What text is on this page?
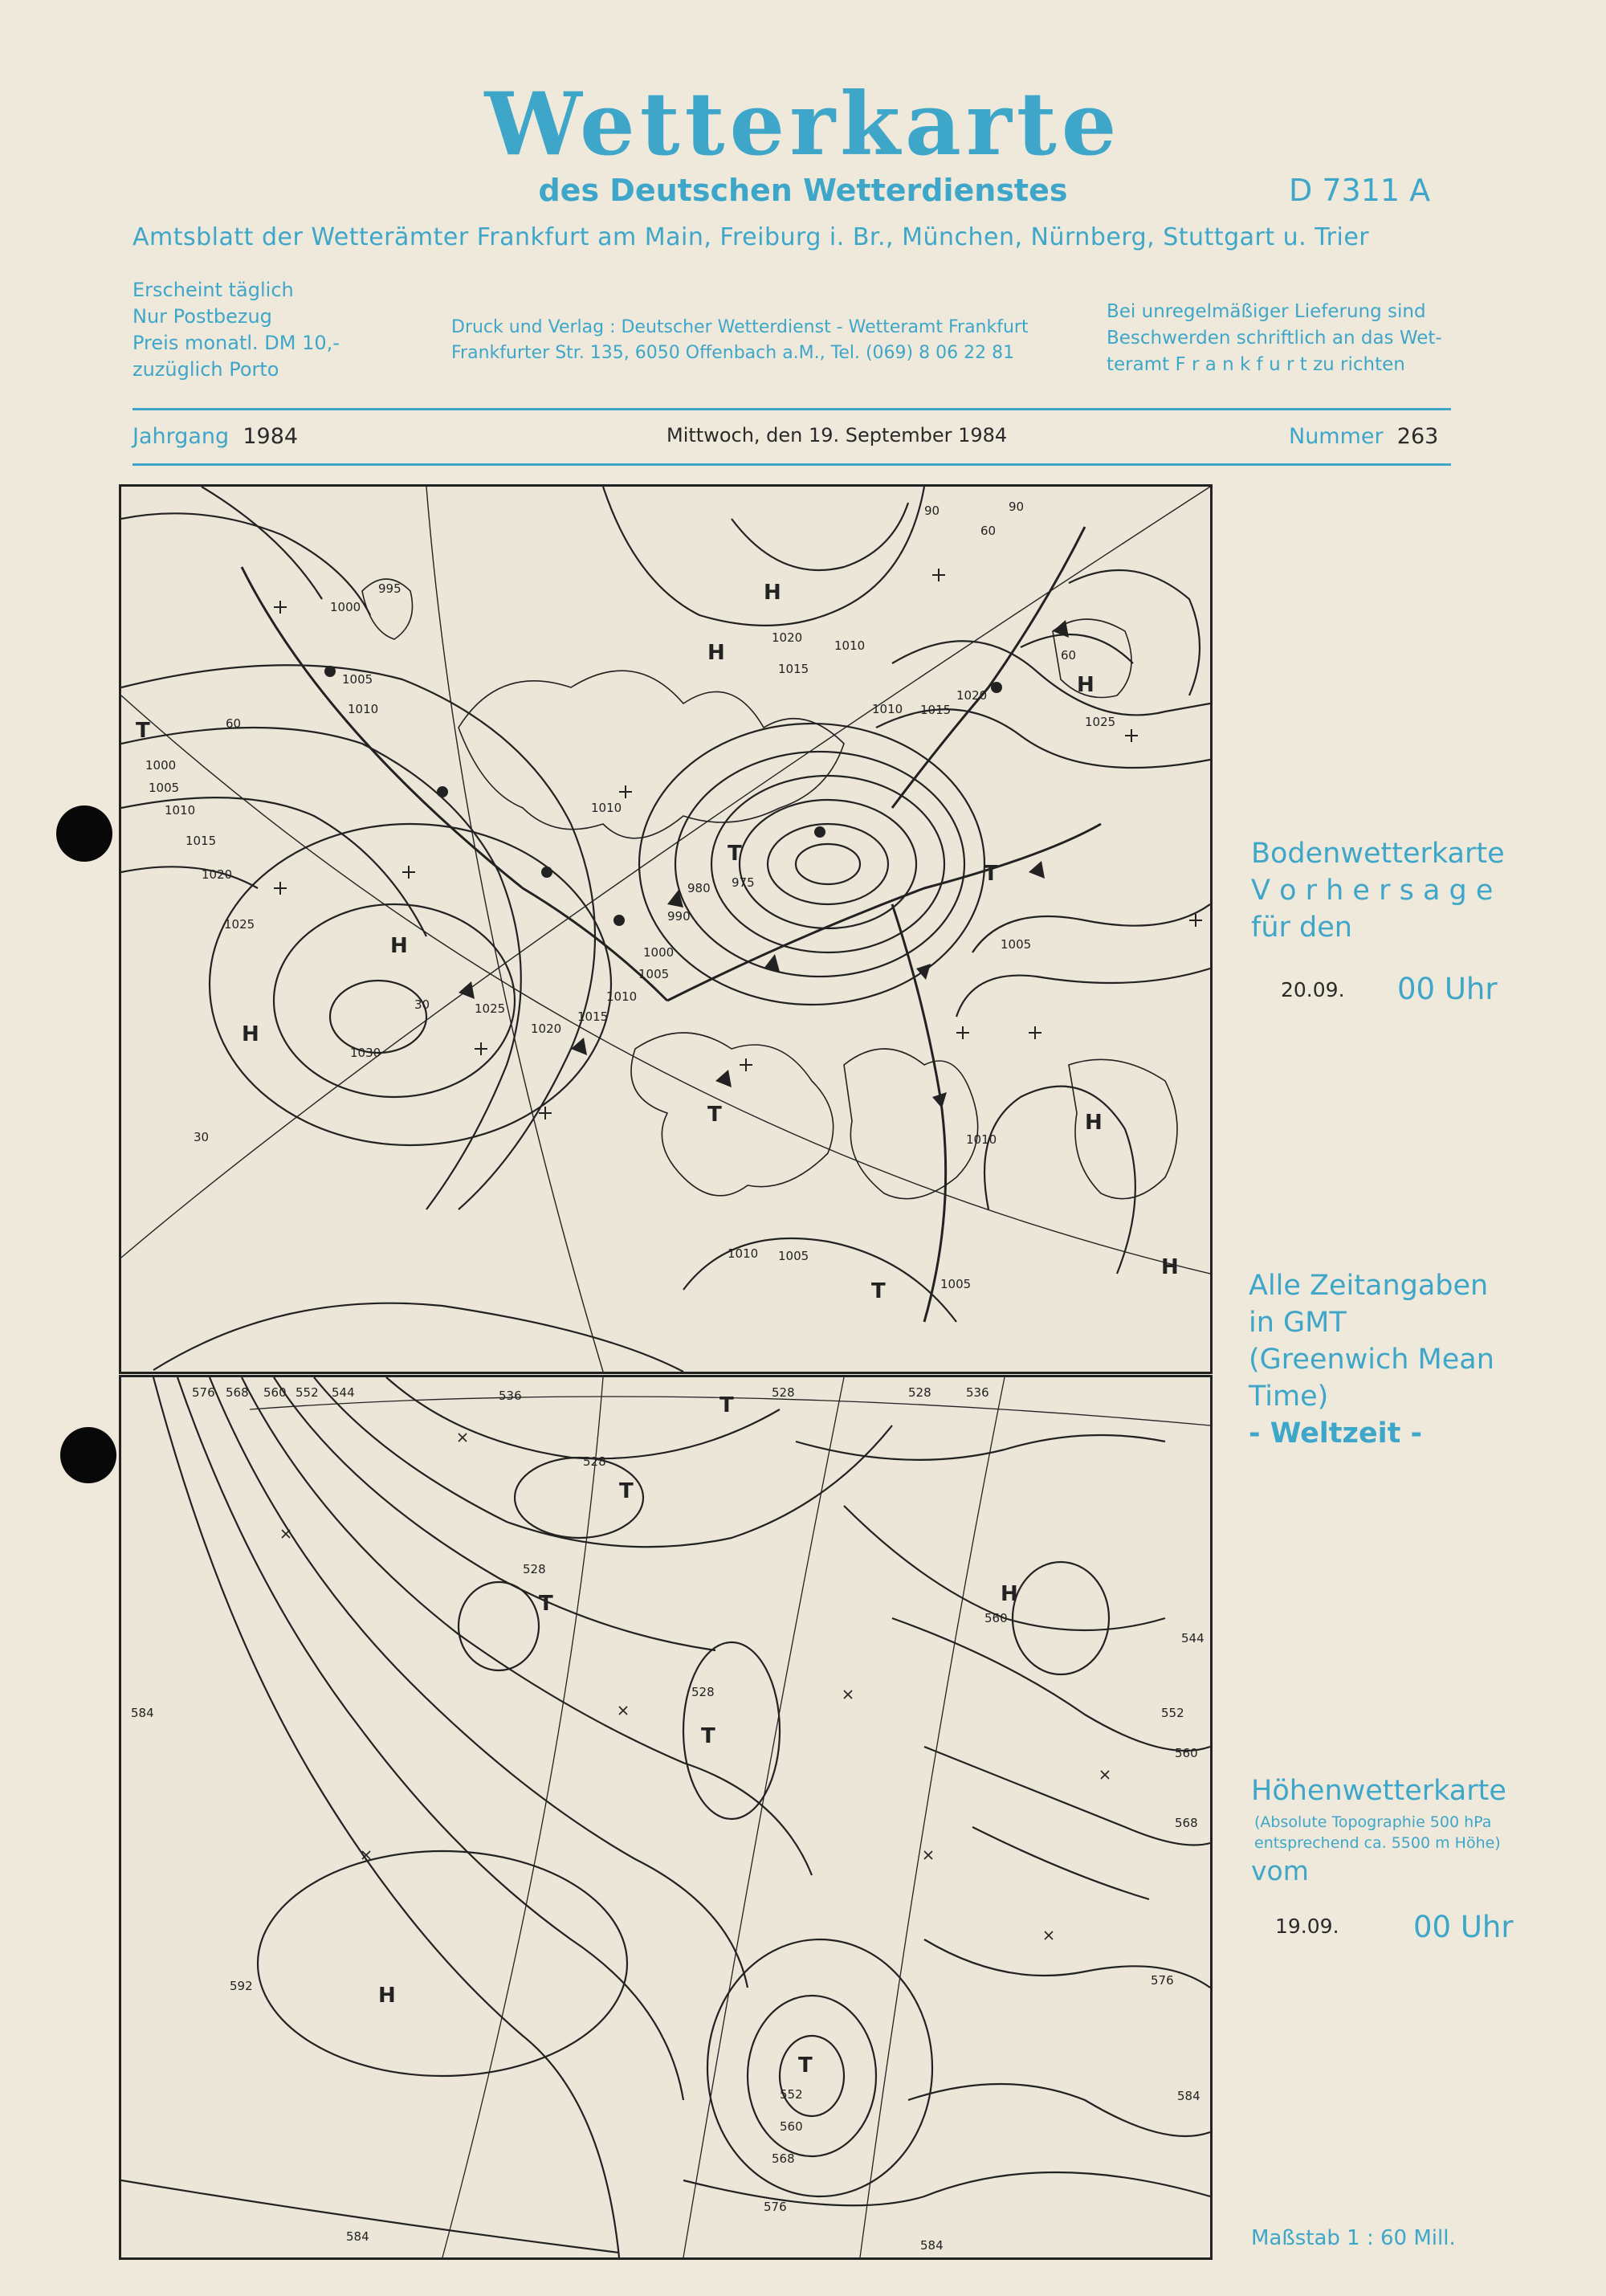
Wetterkarte
des Deutschen Wetterdienstes	D 7311 A
Amtsblatt der Wetterämter Frankfurt am Main, Freiburg i. Br., München, Nürnberg, Stuttgart u. Trier
Erscheint täglich
Nur Postbezug
Preis monatl. DM 10,-
zuzüglich Porto
Druck und Verlag : Deutscher Wetterdienst - Wetteramt Frankfurt
Frankfurter Str. 135, 6050 Offenbach a.M., Tel. (069) 8 06 22 81
Bei unregelmäßiger Lieferung sind
Beschwerden schriftlich an das Wet-
teramt F r a n k f u r t zu richten
Jahrgang 1984	Mittwoch, den 19. September 1984	Nummer 263
H
H
H
H
H
H
H
T
T
T
T
T
1000
995
1005
1010
1000
1005
1010
1015
1020
1025
1030
1025
1020
1015
1010
1005
1000
990
980 975
1020
1015
1010
1010 1015
1020
1025
1005
1010
1005
1010
1005
1010
30
60
30
60
90	90
60
H
H
T
T
T
T
T
576 568 560 552 544	536
528
528
536
528	528
528
560
544
552
560
568
576
584
584
592
552
560
568
576
584
584
Bodenwetterkarte
V o r h e r s a g e
für den
20.09. 00 Uhr
Alle Zeitangaben
in GMT
(Greenwich Mean
Time)
- Weltzeit -
Höhenwetterkarte
(Absolute Topographie 500 hPa
entsprechend ca. 5500 m Höhe)
vom
19.09. 00 Uhr
Maßstab 1 : 60 Mill.
